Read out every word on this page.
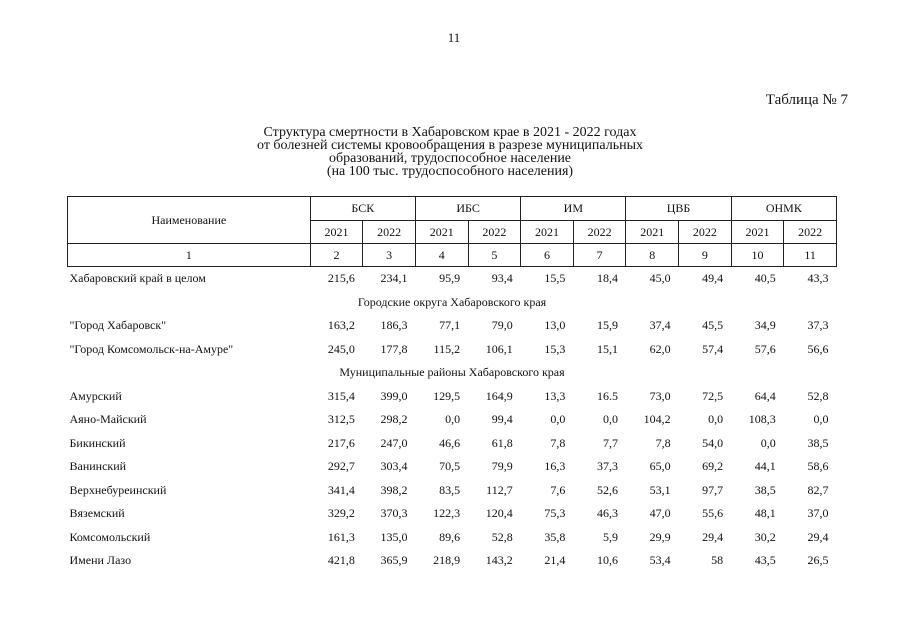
11
Таблица № 7
Структура смертности в Хабаровском крае в 2021 - 2022 годах
от болезней системы кровообращения в разрезе муниципальных
образований, трудоспособное население
(на 100 тыс. трудоспособного населения)
Наименование	БСК		ИБС		ИМ		ЦВБ		ОНМК	
	2021	2022	2021	2022	2021	2022	2021	2022	2021	2022
1	2	3	4	5	6	7	8	9	10	11
Хабаровский край в целом	215,6	234,1	95,9	93,4	15,5	18,4	45,0	49,4	40,5	43,3
Городские округа Хабаровского края										
"Город Хабаровск"	163,2	186,3	77,1	79,0	13,0	15,9	37,4	45,5	34,9	37,3
"Город Комсомольск-на-Амуре"	245,0	177,8	115,2	106,1	15,3	15,1	62,0	57,4	57,6	56,6
Муниципальные районы Хабаровского края										
Амурский	315,4	399,0	129,5	164,9	13,3	16.5	73,0	72,5	64,4	52,8
Аяно-Майский	312,5	298,2	0,0	99,4	0,0	0,0	104,2	0,0	108,3	0,0
Бикинский	217,6	247,0	46,6	61,8	7,8	7,7	7,8	54,0	0,0	38,5
Ванинский	292,7	303,4	70,5	79,9	16,3	37,3	65,0	69,2	44,1	58,6
Верхнебуреинский	341,4	398,2	83,5	112,7	7,6	52,6	53,1	97,7	38,5	82,7
Вяземский	329,2	370,3	122,3	120,4	75,3	46,3	47,0	55,6	48,1	37,0
Комсомольский	161,3	135,0	89,6	52,8	35,8	5,9	29,9	29,4	30,2	29,4
Имени Лазо	421,8	365,9	218,9	143,2	21,4	10,6	53,4	58	43,5	26,5
